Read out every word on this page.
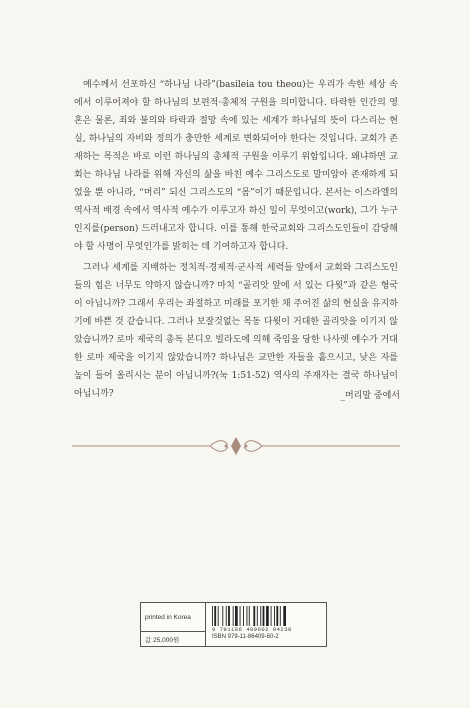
예수께서 선포하신 “하나님 나라”(basileia tou theou)는 우리가 속한 세상 속에서 이루어져야 할 하나님의 보편적·총체적 구원을 의미합니다. 타락한 인간의 영혼은 물론, 죄와 불의와 타락과 절망 속에 있는 세계가 하나님의 뜻이 다스리는 현실, 하나님의 자비와 정의가 충만한 세계로 변화되어야 한다는 것입니다. 교회가 존재하는 목적은 바로 이런 하나님의 총체적 구원을 이루기 위함입니다. 왜냐하면 교회는 하나님 나라를 위해 자신의 삶을 바친 예수 그리스도로 말미암아 존재하게 되었을 뿐 아니라, “머리” 되신 그리스도의 “몸”이기 때문입니다. 본서는 이스라엘의 역사적 배경 속에서 역사적 예수가 이루고자 하신 일이 무엇이고(work), 그가 누구인지를(person) 드러내고자 합니다. 이를 통해 한국교회와 그리스도인들이 감당해야 할 사명이 무엇인가를 밝히는 데 기여하고자 합니다.

그러나 세계를 지배하는 정치적·경제적·군사적 세력들 앞에서 교회와 그리스도인들의 힘은 너무도 약하지 않습니까? 마치 “골리앗 앞에 서 있는 다윗”과 같은 형국이 아닙니까? 그래서 우리는 좌절하고 미래를 포기한 채 주어진 삶의 현실을 유지하기에 바쁜 것 같습니다. 그러나 보잘것없는 목동 다윗이 거대한 골리앗을 이기지 않았습니까? 로마 제국의 총독 본디오 빌라도에 의해 죽임을 당한 나사렛 예수가 거대한 로마 제국을 이기지 않았습니까? 하나님은 교만한 자들을 흩으시고, 낮은 자를 높이 들어 올리시는 분이 아닙니까?(눅 1:51-52) 역사의 주재자는 결국 하나님이 아닙니까?	_머리말 중에서
printed in Korea
값 25,000원
9 791186 409602 94230
ISBN 979-11-86409-60-2
